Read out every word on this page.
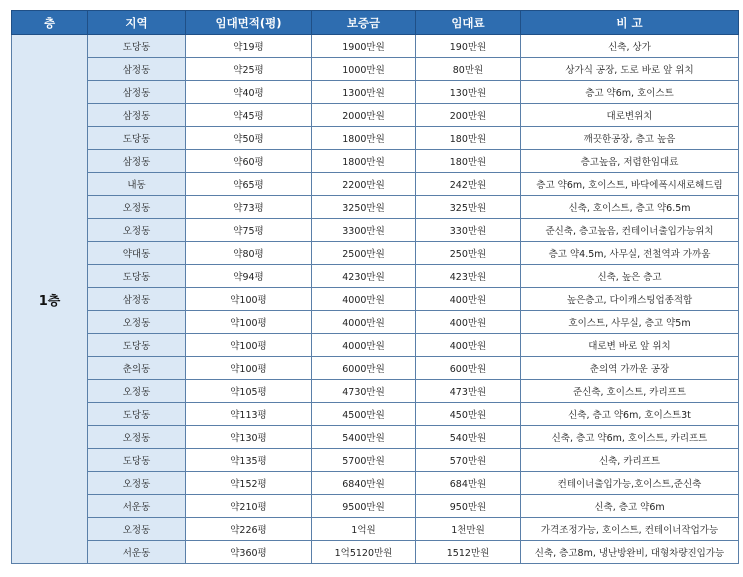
층	지역	임대면적(평)	보증금	임대료	비 고
1층	도당동	약19평	1900만원	190만원	신축, 상가
	삼정동	약25평	1000만원	80만원	상가식 공장, 도로 바로 앞 위치
	삼정동	약40평	1300만원	130만원	층고 약6m, 호이스트
	삼정동	약45평	2000만원	200만원	대로변위치
	도당동	약50평	1800만원	180만원	깨끗한공장, 층고 높음
	삼정동	약60평	1800만원	180만원	층고높음, 저렴한임대료
	내동	약65평	2200만원	242만원	층고 약6m, 호이스트, 바닥에폭시새로해드림
	오정동	약73평	3250만원	325만원	신축, 호이스트, 층고 약6.5m
	오정동	약75평	3300만원	330만원	준신축, 층고높음, 컨테이너출입가능위치
	약대동	약80평	2500만원	250만원	층고 약4.5m, 사무실, 전철역과 가까움
	도당동	약94평	4230만원	423만원	신축, 높은 층고
	삼정동	약100평	4000만원	400만원	높은층고, 다이캐스팅업종적합
	오정동	약100평	4000만원	400만원	호이스트, 사무실, 층고 약5m
	도당동	약100평	4000만원	400만원	대로변 바로 앞 위치
	춘의동	약100평	6000만원	600만원	춘의역 가까운 공장
	오정동	약105평	4730만원	473만원	준신축, 호이스트, 카리프트
	도당동	약113평	4500만원	450만원	신축, 층고 약6m, 호이스트3t
	오정동	약130평	5400만원	540만원	신축, 층고 약6m, 호이스트, 카리프트
	도당동	약135평	5700만원	570만원	신축, 카리프트
	오정동	약152평	6840만원	684만원	컨테이너출입가능,호이스트,준신축
	서운동	약210평	9500만원	950만원	신축, 층고 약6m
	오정동	약226평	1억원	1천만원	가격조정가능, 호이스트, 컨테이너작업가능
	서운동	약360평	1억5120만원	1512만원	신축, 층고8m, 냉난방완비, 대형차량진입가능
